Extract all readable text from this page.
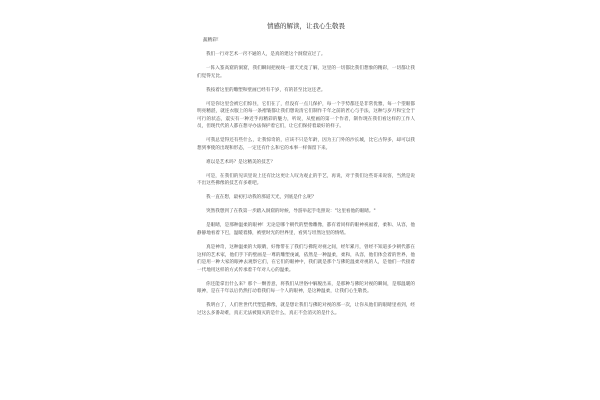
情感的解读，让我心生敬畏
蔬精彩！
我们一行对艺术一窍不通的人，是真的建这个洞窟宣过了。
一阵入篆高窟的洞窟，我们瞬间把视线一溜天光竟了解，这里的一切都比我们想象的精彩，一切都让我们觉得无比。
我按着这里的雕塑和壁画已经有千岁，有的甚至比这还老。
可是你这里会被它们惊住，它们在了，但没有一点儿保护，每一个手势都还是非常优雅，每一个望眼都明亮精湛，就连衣服上的每一条褶皱都让我们想说清它们制作千年之前的匠心与手法，这种与岁月和宝全于可行的状态，震实有一种近乎再精彩的魅力，听说，从壁画的第一个作者，制作现在我们看这样的工作人员，但现代代的人都在想寻办法保护着它们，让它们保持着最好的样子。
可我总觉得还有些什么，让我惊奇的，应该不只是年龄，因为王门外的沙长城，比它古得多，却可以我想到事使的出现和形态，一定还有什么和它的本事一样保留下来。
难以是艺术吗？是这精美的技艺？
可是，在我们的见识里说上还有比这更让人叹为观止的手艺，再说，对于我们这些哥来说客，当然是说不出这些佛像的技艺有多难吧。
我一直在想，最初打动我的那道天光，到底是什么呢？
突然我想到了在我第一步踏入洞窟的时候，导游举起手电照说："这里看他的眼睛。"
是眼睛，是那种温柔的眼神！无论是哪个朝代的塑像雕像，都有着同样的眼神祝福着，柔和、从容，他静静地看着下巴，温暖着膝，被壁时光的世界里，看到与坦然这里的情绪。
真是神奇，这种温柔的大眼睛，好像带在了我们与佛陀对视之间，经年累月，曾经不知道多少朝代都在这样的艺术家，他们手下的壁画是一尊的雕塑虔诚，依然是一种温柔，柔和，从容，他们体会着的世界，他们是用一种大家的眼神去观察它们，在它们的眼神中，我们就是那个与佛陀温柔对视的人，是他们一代接着一代地用这样的方式传承着千年对人心的温柔。
你还能拿出什么来？那个一颗善意，将我们从世俗中解脱出来，是那种与佛陀对视的瞬间，是那温暖的眼神，是在千年以后仍然打动着我们每一个人的眼神，是这种温柔，让我们心生敬畏。
我明白了，人们世世代代塑造佛像，就是想让我们与佛陀对视的那一次，让你从他们的眼睛里看到，经过这么多番劫难，真正无法被毁灭的是什么，真正不会消灭的是什么。
